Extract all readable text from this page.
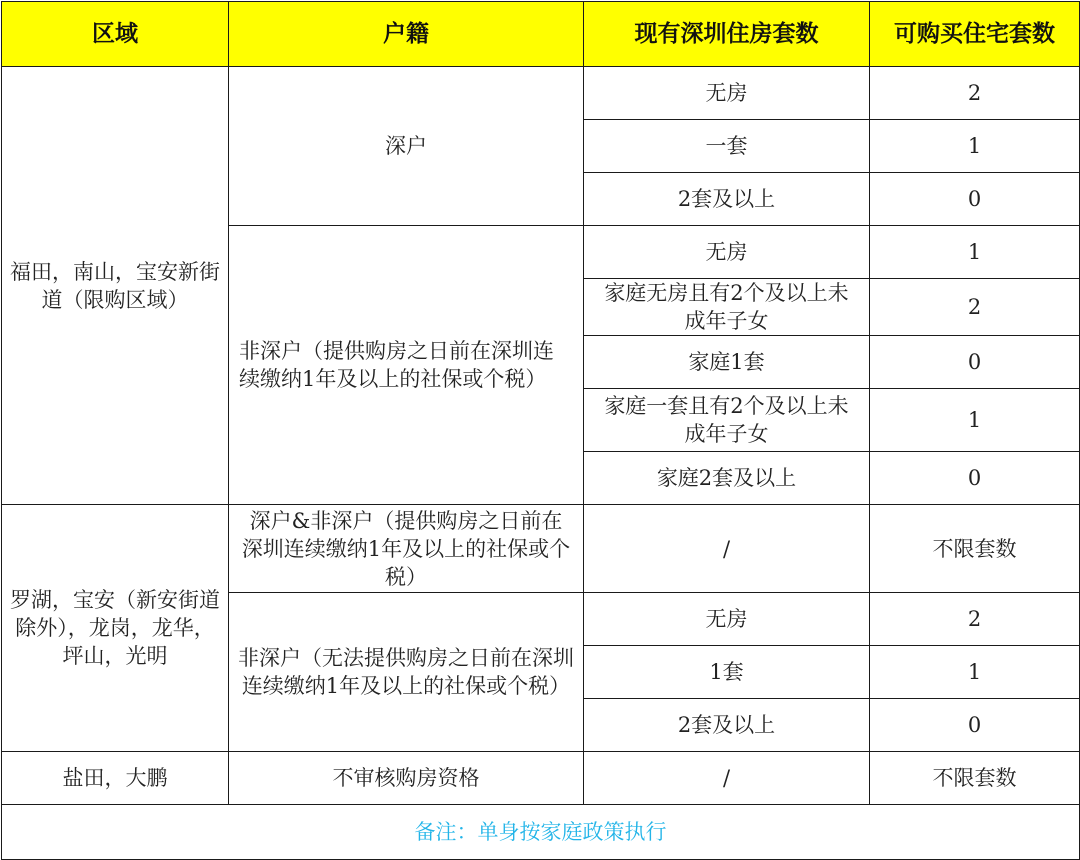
区域	户籍	现有深圳住房套数	可购买住宅套数
福田，南山，宝安新街道（限购区域）	深户	无房	2
		一套	1
		2套及以上	0
	非深户（提供购房之日前在深圳连续缴纳1年及以上的社保或个税）	无房	1
		家庭无房且有2个及以上未成年子女	2
		家庭1套	0
		家庭一套且有2个及以上未成年子女	1
		家庭2套及以上	0
罗湖，宝安（新安街道除外），龙岗，龙华，坪山，光明	深户&非深户（提供购房之日前在深圳连续缴纳1年及以上的社保或个税）	/	不限套数
	非深户（无法提供购房之日前在深圳连续缴纳1年及以上的社保或个税）	无房	2
		1套	1
		2套及以上	0
盐田，大鹏	不审核购房资格	/	不限套数
备注：单身按家庭政策执行			
